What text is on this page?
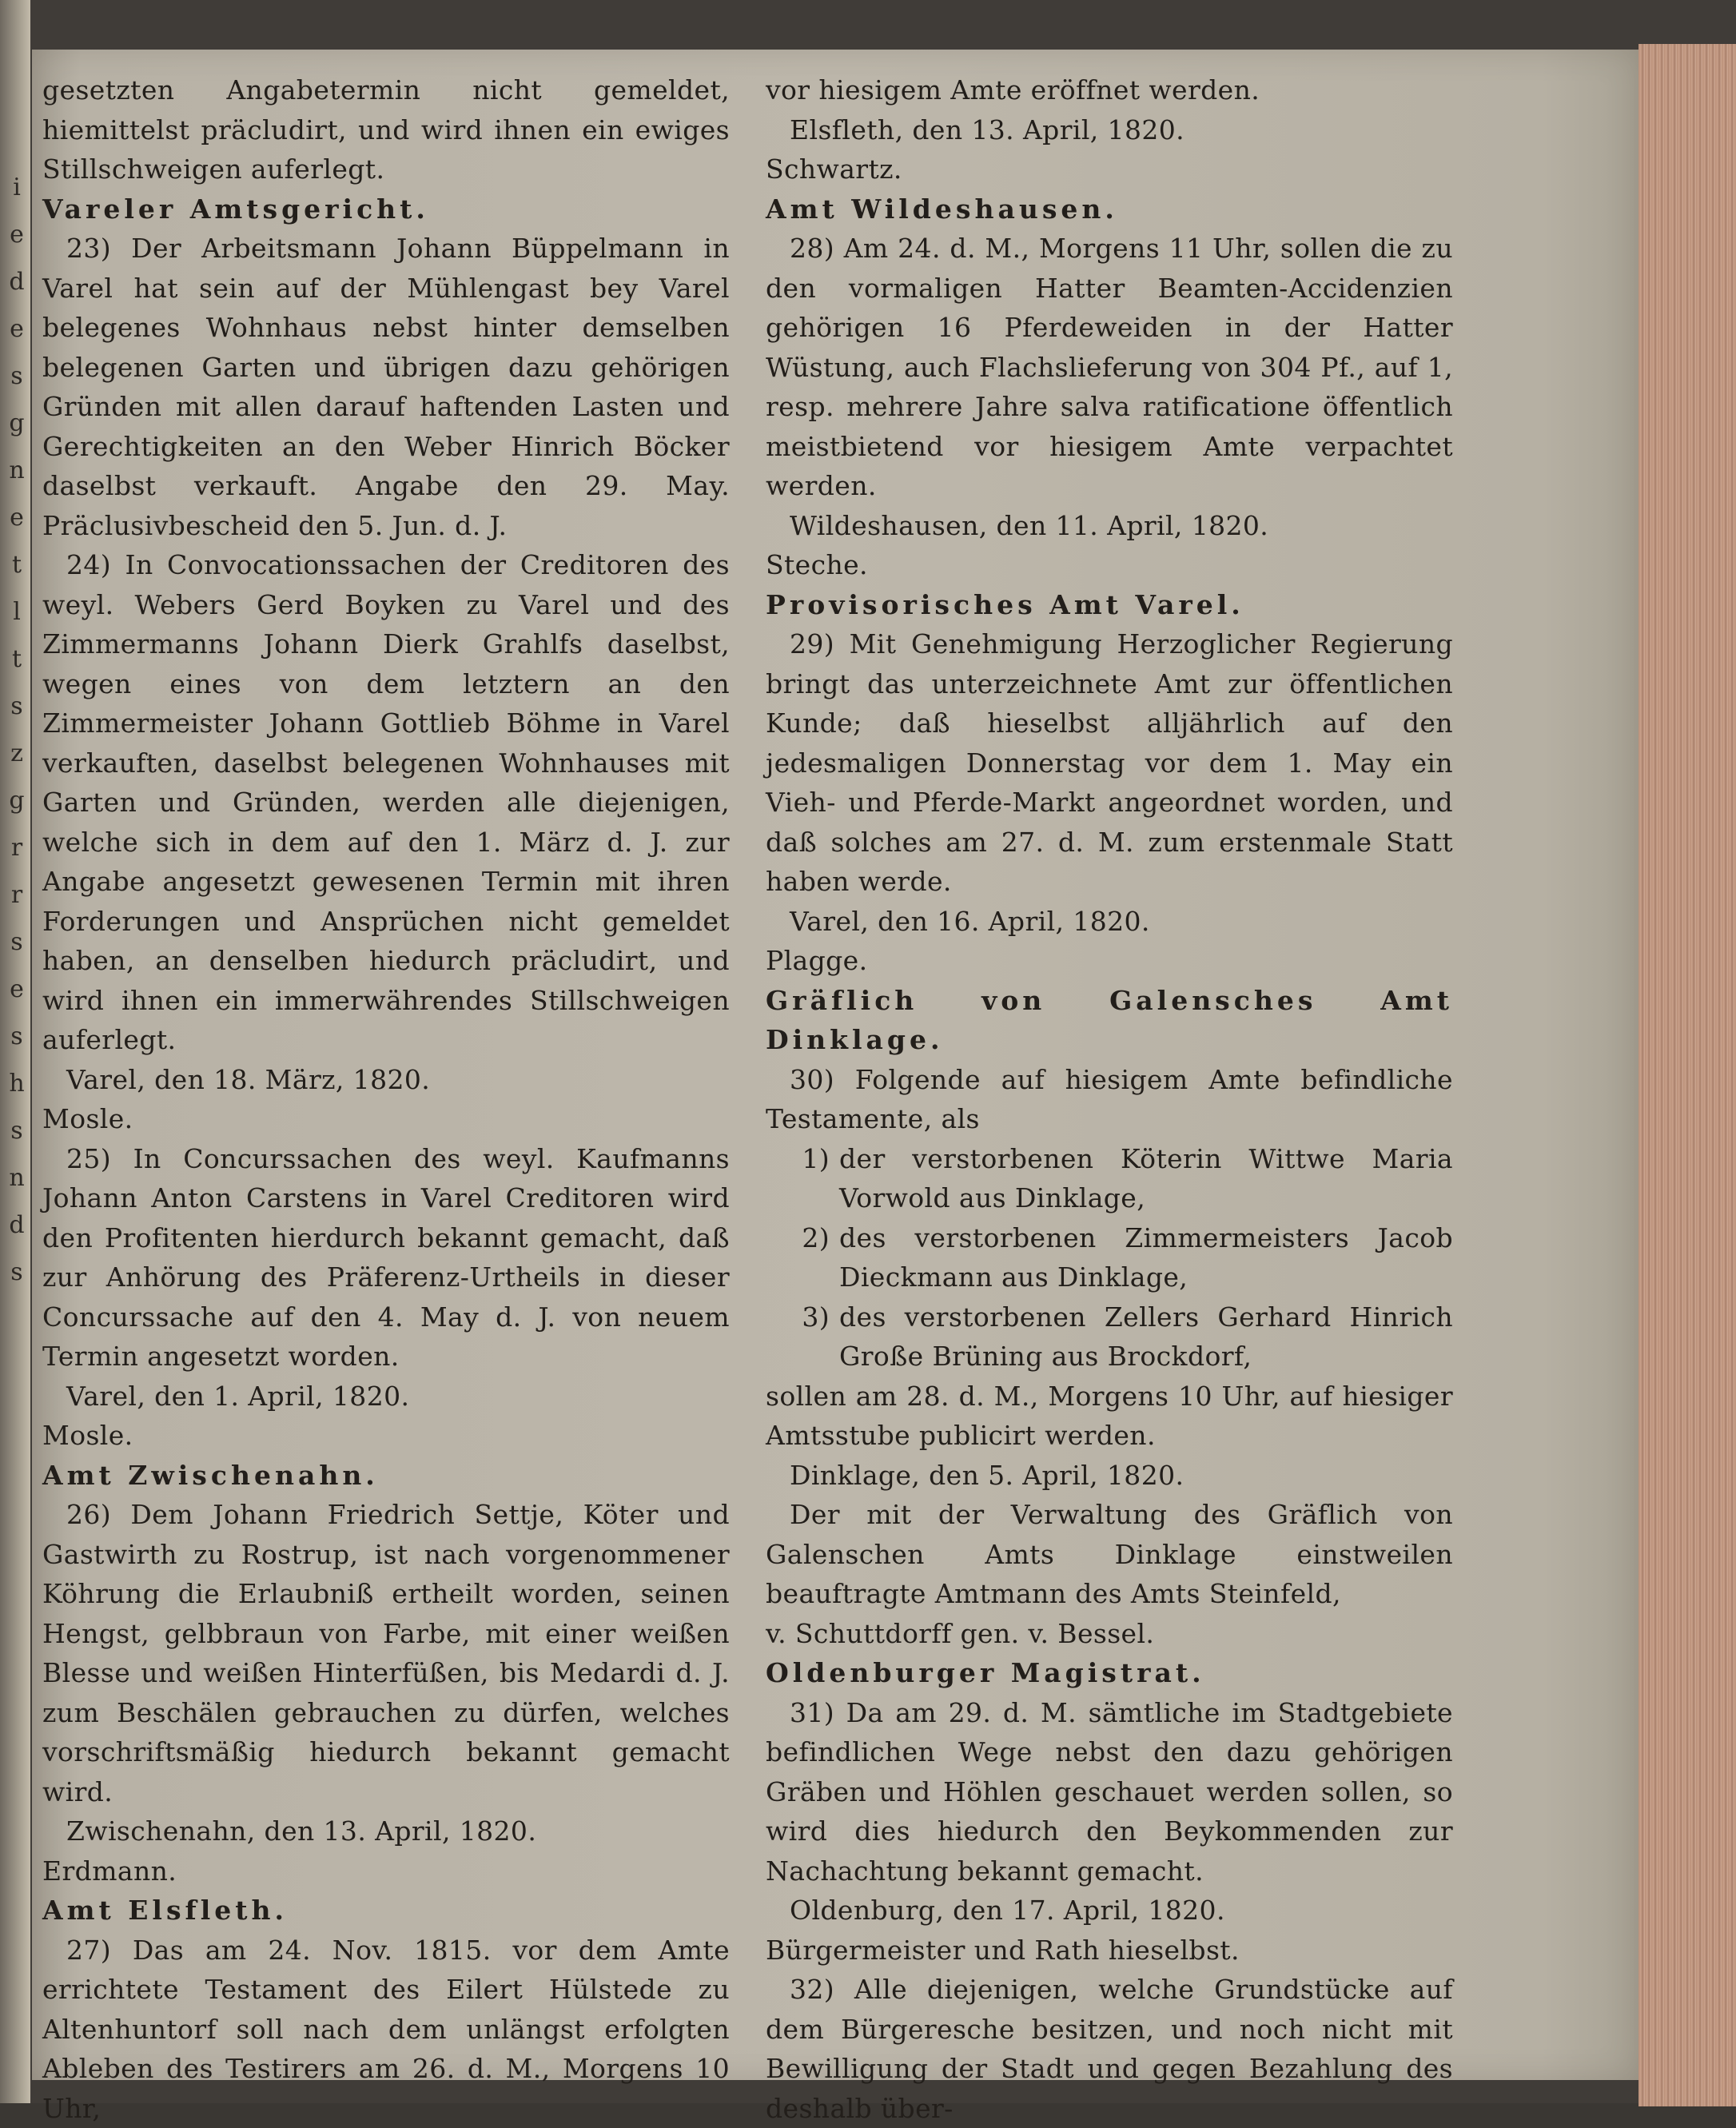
i
e
d
e
s
g
n
e
t
l
t
s
z
g
r
r
s
e
s
h
s
n
d
s

gesetzten Angabetermin nicht gemeldet, hiemittelst präcludirt, und wird ihnen ein ewiges Stillschweigen auferlegt.

Vareler Amtsgericht.

23) Der Arbeitsmann Johann Büppelmann in Varel hat sein auf der Mühlengast bey Varel belegenes Wohnhaus nebst hinter demselben belegenen Garten und übrigen dazu gehörigen Gründen mit allen darauf haftenden Lasten und Gerechtigkeiten an den Weber Hinrich Böcker daselbst verkauft. Angabe den 29. May. Präclusivbescheid den 5. Jun. d. J.

24) In Convocationssachen der Creditoren des weyl. Webers Gerd Boyken zu Varel und des Zimmermanns Johann Dierk Grahlfs daselbst, wegen eines von dem letztern an den Zimmermeister Johann Gottlieb Böhme in Varel verkauften, daselbst belegenen Wohnhauses mit Garten und Gründen, werden alle diejenigen, welche sich in dem auf den 1. März d. J. zur Angabe angesetzt gewesenen Termin mit ihren Forderungen und Ansprüchen nicht gemeldet haben, an denselben hiedurch präcludirt, und wird ihnen ein immerwährendes Stillschweigen auferlegt.

Varel, den 18. März, 1820.

Mosle.

25) In Concurssachen des weyl. Kaufmanns Johann Anton Carstens in Varel Creditoren wird den Profitenten hierdurch bekannt gemacht, daß zur Anhörung des Präferenz-Urtheils in dieser Concurssache auf den 4. May d. J. von neuem Termin angesetzt worden.

Varel, den 1. April, 1820.

Mosle.

Amt Zwischenahn.

26) Dem Johann Friedrich Settje, Köter und Gastwirth zu Rostrup, ist nach vorgenommener Köhrung die Erlaubniß ertheilt worden, seinen Hengst, gelbbraun von Farbe, mit einer weißen Blesse und weißen Hinterfüßen, bis Medardi d. J. zum Beschälen gebrauchen zu dürfen, welches vorschriftsmäßig hiedurch bekannt gemacht wird.

Zwischenahn, den 13. April, 1820.

Erdmann.

Amt Elsfleth.

27) Das am 24. Nov. 1815. vor dem Amte errichtete Testament des Eilert Hülstede zu Altenhuntorf soll nach dem unlängst erfolgten Ableben des Testirers am 26. d. M., Morgens 10 Uhr,

vor hiesigem Amte eröffnet werden.

Elsfleth, den 13. April, 1820.

Schwartz.

Amt Wildeshausen.

28) Am 24. d. M., Morgens 11 Uhr, sollen die zu den vormaligen Hatter Beamten-Accidenzien gehörigen 16 Pferdeweiden in der Hatter Wüstung, auch Flachslieferung von 304 Pf., auf 1, resp. mehrere Jahre salva ratificatione öffentlich meistbietend vor hiesigem Amte verpachtet werden.

Wildeshausen, den 11. April, 1820.

Steche.

Provisorisches Amt Varel.

29) Mit Genehmigung Herzoglicher Regierung bringt das unterzeichnete Amt zur öffentlichen Kunde; daß hieselbst alljährlich auf den jedesmaligen Donnerstag vor dem 1. May ein Vieh- und Pferde-Markt angeordnet worden, und daß solches am 27. d. M. zum erstenmale Statt haben werde.

Varel, den 16. April, 1820.

Plagge.

Gräflich von Galensches Amt Dinklage.

30) Folgende auf hiesigem Amte befindliche Testamente, als

1) der verstorbenen Köterin Wittwe Maria Vorwold aus Dinklage,
2) des verstorbenen Zimmermeisters Jacob Dieckmann aus Dinklage,
3) des verstorbenen Zellers Gerhard Hinrich Große Brüning aus Brockdorf,

sollen am 28. d. M., Morgens 10 Uhr, auf hiesiger Amtsstube publicirt werden.

Dinklage, den 5. April, 1820.

Der mit der Verwaltung des Gräflich von Galenschen Amts Dinklage einstweilen beauftragte Amtmann des Amts Steinfeld,

v. Schuttdorff gen. v. Bessel.

Oldenburger Magistrat.

31) Da am 29. d. M. sämtliche im Stadtgebiete befindlichen Wege nebst den dazu gehörigen Gräben und Höhlen geschauet werden sollen, so wird dies hiedurch den Beykommenden zur Nachachtung bekannt gemacht.

Oldenburg, den 17. April, 1820.

Bürgermeister und Rath hieselbst.

32) Alle diejenigen, welche Grundstücke auf dem Bürgeresche besitzen, und noch nicht mit Bewilligung der Stadt und gegen Bezahlung des deshalb über-
